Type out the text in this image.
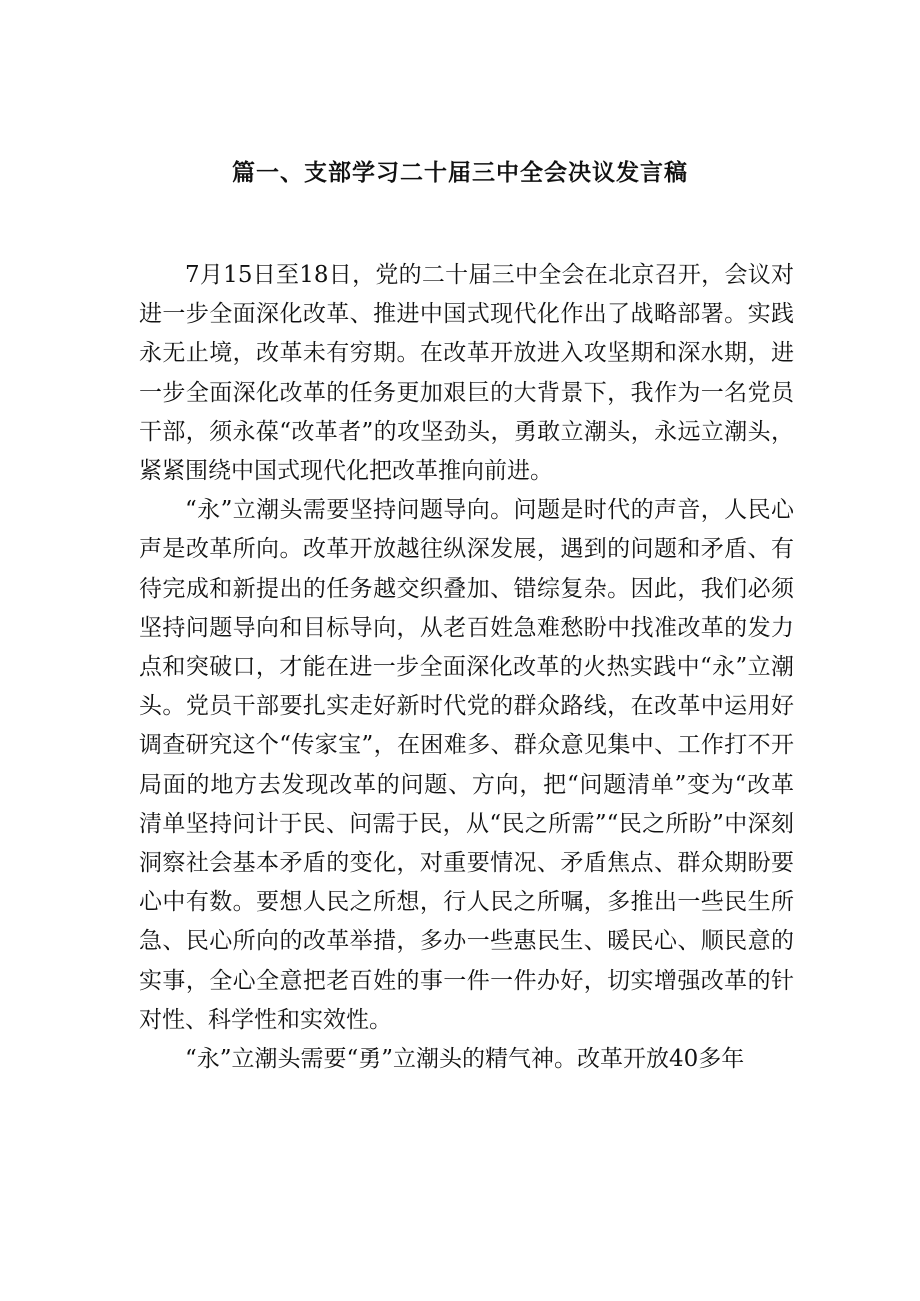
篇一、支部学习二十届三中全会决议发言稿

7月15日至18日，党的二十届三中全会在北京召开，会议对进一步全面深化改革、推进中国式现代化作出了战略部署。实践永无止境，改革未有穷期。在改革开放进入攻坚期和深水期，进一步全面深化改革的任务更加艰巨的大背景下，我作为一名党员干部，须永葆“改革者”的攻坚劲头，勇敢立潮头，永远立潮头，紧紧围绕中国式现代化把改革推向前进。

“永”立潮头需要坚持问题导向。问题是时代的声音，人民心声是改革所向。改革开放越往纵深发展，遇到的问题和矛盾、有待完成和新提出的任务越交织叠加、错综复杂。因此，我们必须坚持问题导向和目标导向，从老百姓急难愁盼中找准改革的发力点和突破口，才能在进一步全面深化改革的火热实践中“永”立潮头。党员干部要扎实走好新时代党的群众路线，在改革中运用好调查研究这个“传家宝”，在困难多、群众意见集中、工作打不开局面的地方去发现改革的问题、方向，把“问题清单”变为“改革清单坚持问计于民、问需于民，从“民之所需”“民之所盼”中深刻洞察社会基本矛盾的变化，对重要情况、矛盾焦点、群众期盼要心中有数。要想人民之所想，行人民之所嘱，多推出一些民生所急、民心所向的改革举措，多办一些惠民生、暖民心、顺民意的实事，全心全意把老百姓的事一件一件办好，切实增强改革的针对性、科学性和实效性。

“永”立潮头需要“勇”立潮头的精气神。改革开放40多年
